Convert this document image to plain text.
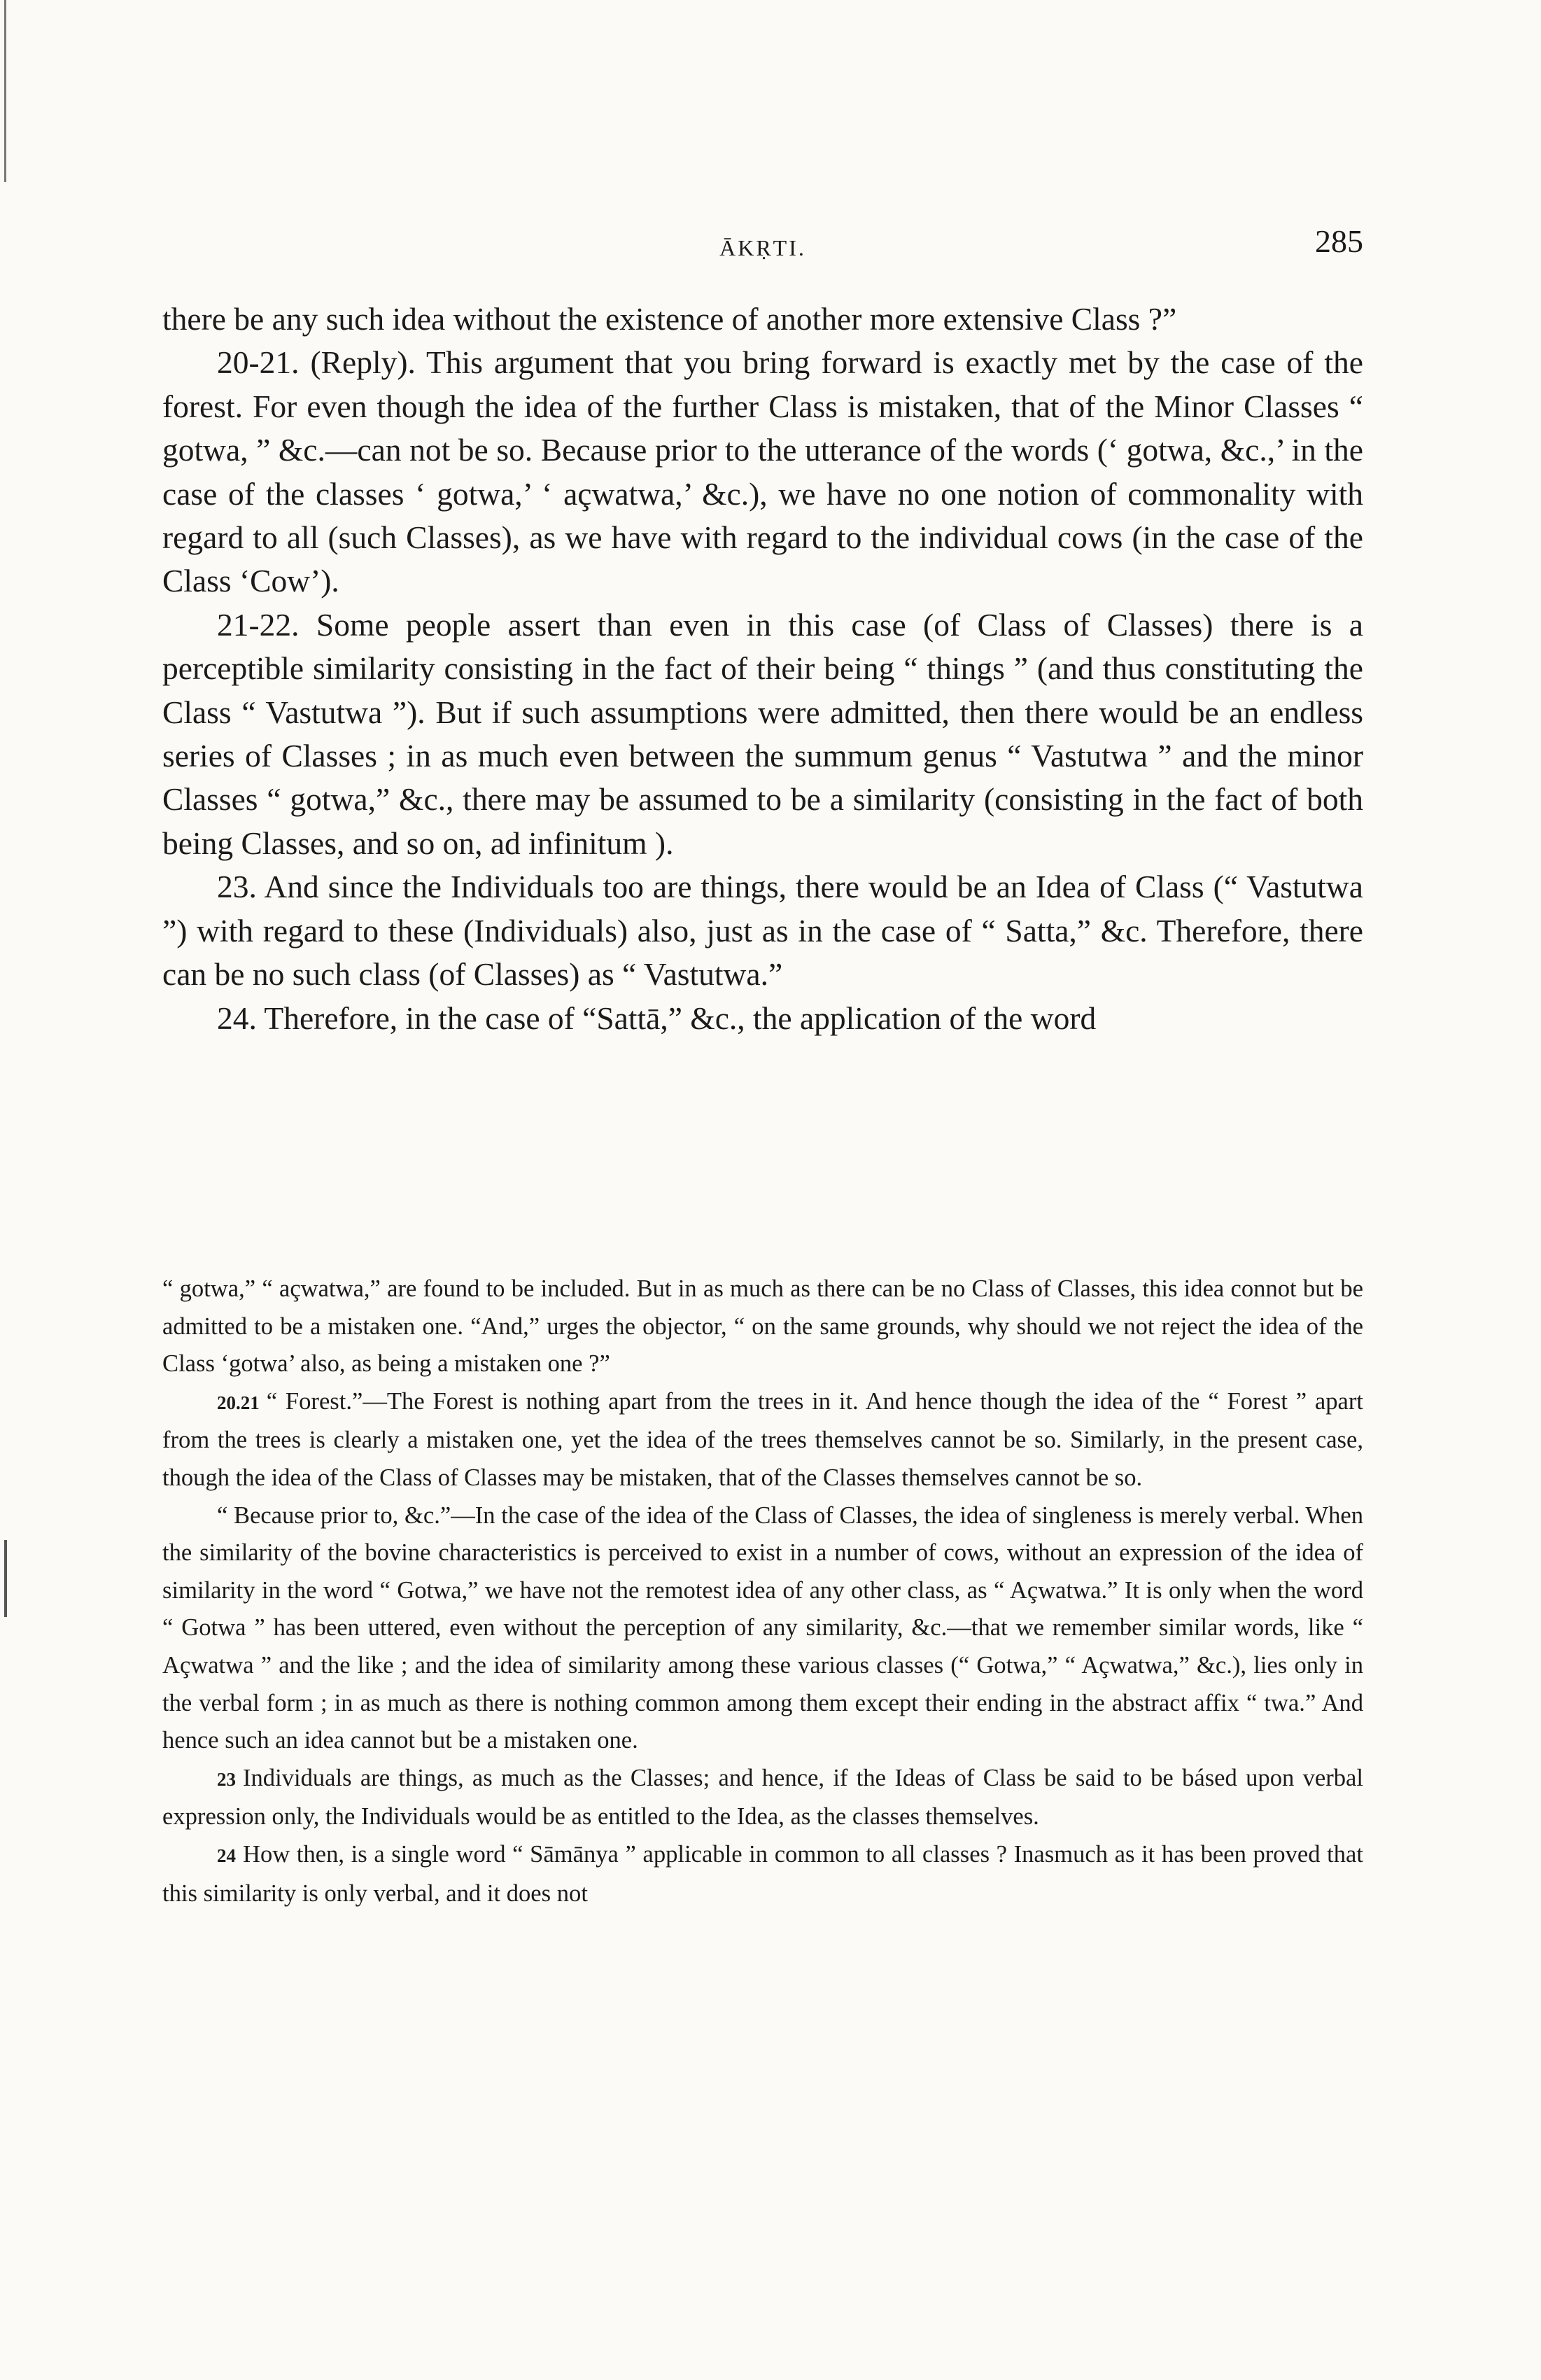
ĀKṚTI.	285

there be any such idea without the existence of another more extensive Class ?”

20-21. (Reply). This argument that you bring forward is exactly met by the case of the forest. For even though the idea of the further Class is mistaken, that of the Minor Classes “ gotwa, ” &c.—can not be so. Because prior to the utterance of the words (‘ gotwa, &c.,’ in the case of the classes ‘ gotwa,’ ‘ açwatwa,’ &c.), we have no one notion of commonality with regard to all (such Classes), as we have with regard to the individual cows (in the case of the Class ‘Cow’).

21-22. Some people assert than even in this case (of Class of Classes) there is a perceptible similarity consisting in the fact of their being “ things ” (and thus constituting the Class “ Vastutwa ”). But if such assumptions were admitted, then there would be an endless series of Classes ; in as much even between the summum genus “ Vastutwa ” and the minor Classes “ gotwa,” &c., there may be assumed to be a similarity (consisting in the fact of both being Classes, and so on, ad infinitum ).

23. And since the Individuals too are things, there would be an Idea of Class (“ Vastutwa ”) with regard to these (Individuals) also, just as in the case of “ Satta,” &c. Therefore, there can be no such class (of Classes) as “ Vastutwa.”

24. Therefore, in the case of “Sattā,” &c., the application of the word

“ gotwa,” “ açwatwa,” are found to be included. But in as much as there can be no Class of Classes, this idea connot but be admitted to be a mistaken one. “And,” urges the objector, “ on the same grounds, why should we not reject the idea of the Class ‘gotwa’ also, as being a mistaken one ?”

20.21 “ Forest.”—The Forest is nothing apart from the trees in it. And hence though the idea of the “ Forest ” apart from the trees is clearly a mistaken one, yet the idea of the trees themselves cannot be so. Similarly, in the present case, though the idea of the Class of Classes may be mistaken, that of the Classes themselves cannot be so.

“ Because prior to, &c.”—In the case of the idea of the Class of Classes, the idea of singleness is merely verbal. When the similarity of the bovine characteristics is perceived to exist in a number of cows, without an expression of the idea of similarity in the word “ Gotwa,” we have not the remotest idea of any other class, as “ Açwatwa.” It is only when the word “ Gotwa ” has been uttered, even without the perception of any similarity, &c.—that we remember similar words, like “ Açwatwa ” and the like ; and the idea of similarity among these various classes (“ Gotwa,” “ Açwatwa,” &c.), lies only in the verbal form ; in as much as there is nothing common among them except their ending in the abstract affix “ twa.” And hence such an idea cannot but be a mistaken one.

23 Individuals are things, as much as the Classes; and hence, if the Ideas of Class be said to be básed upon verbal expression only, the Individuals would be as entitled to the Idea, as the classes themselves.

24 How then, is a single word “ Sāmānya ” applicable in common to all classes ? Inasmuch as it has been proved that this similarity is only verbal, and it does not
